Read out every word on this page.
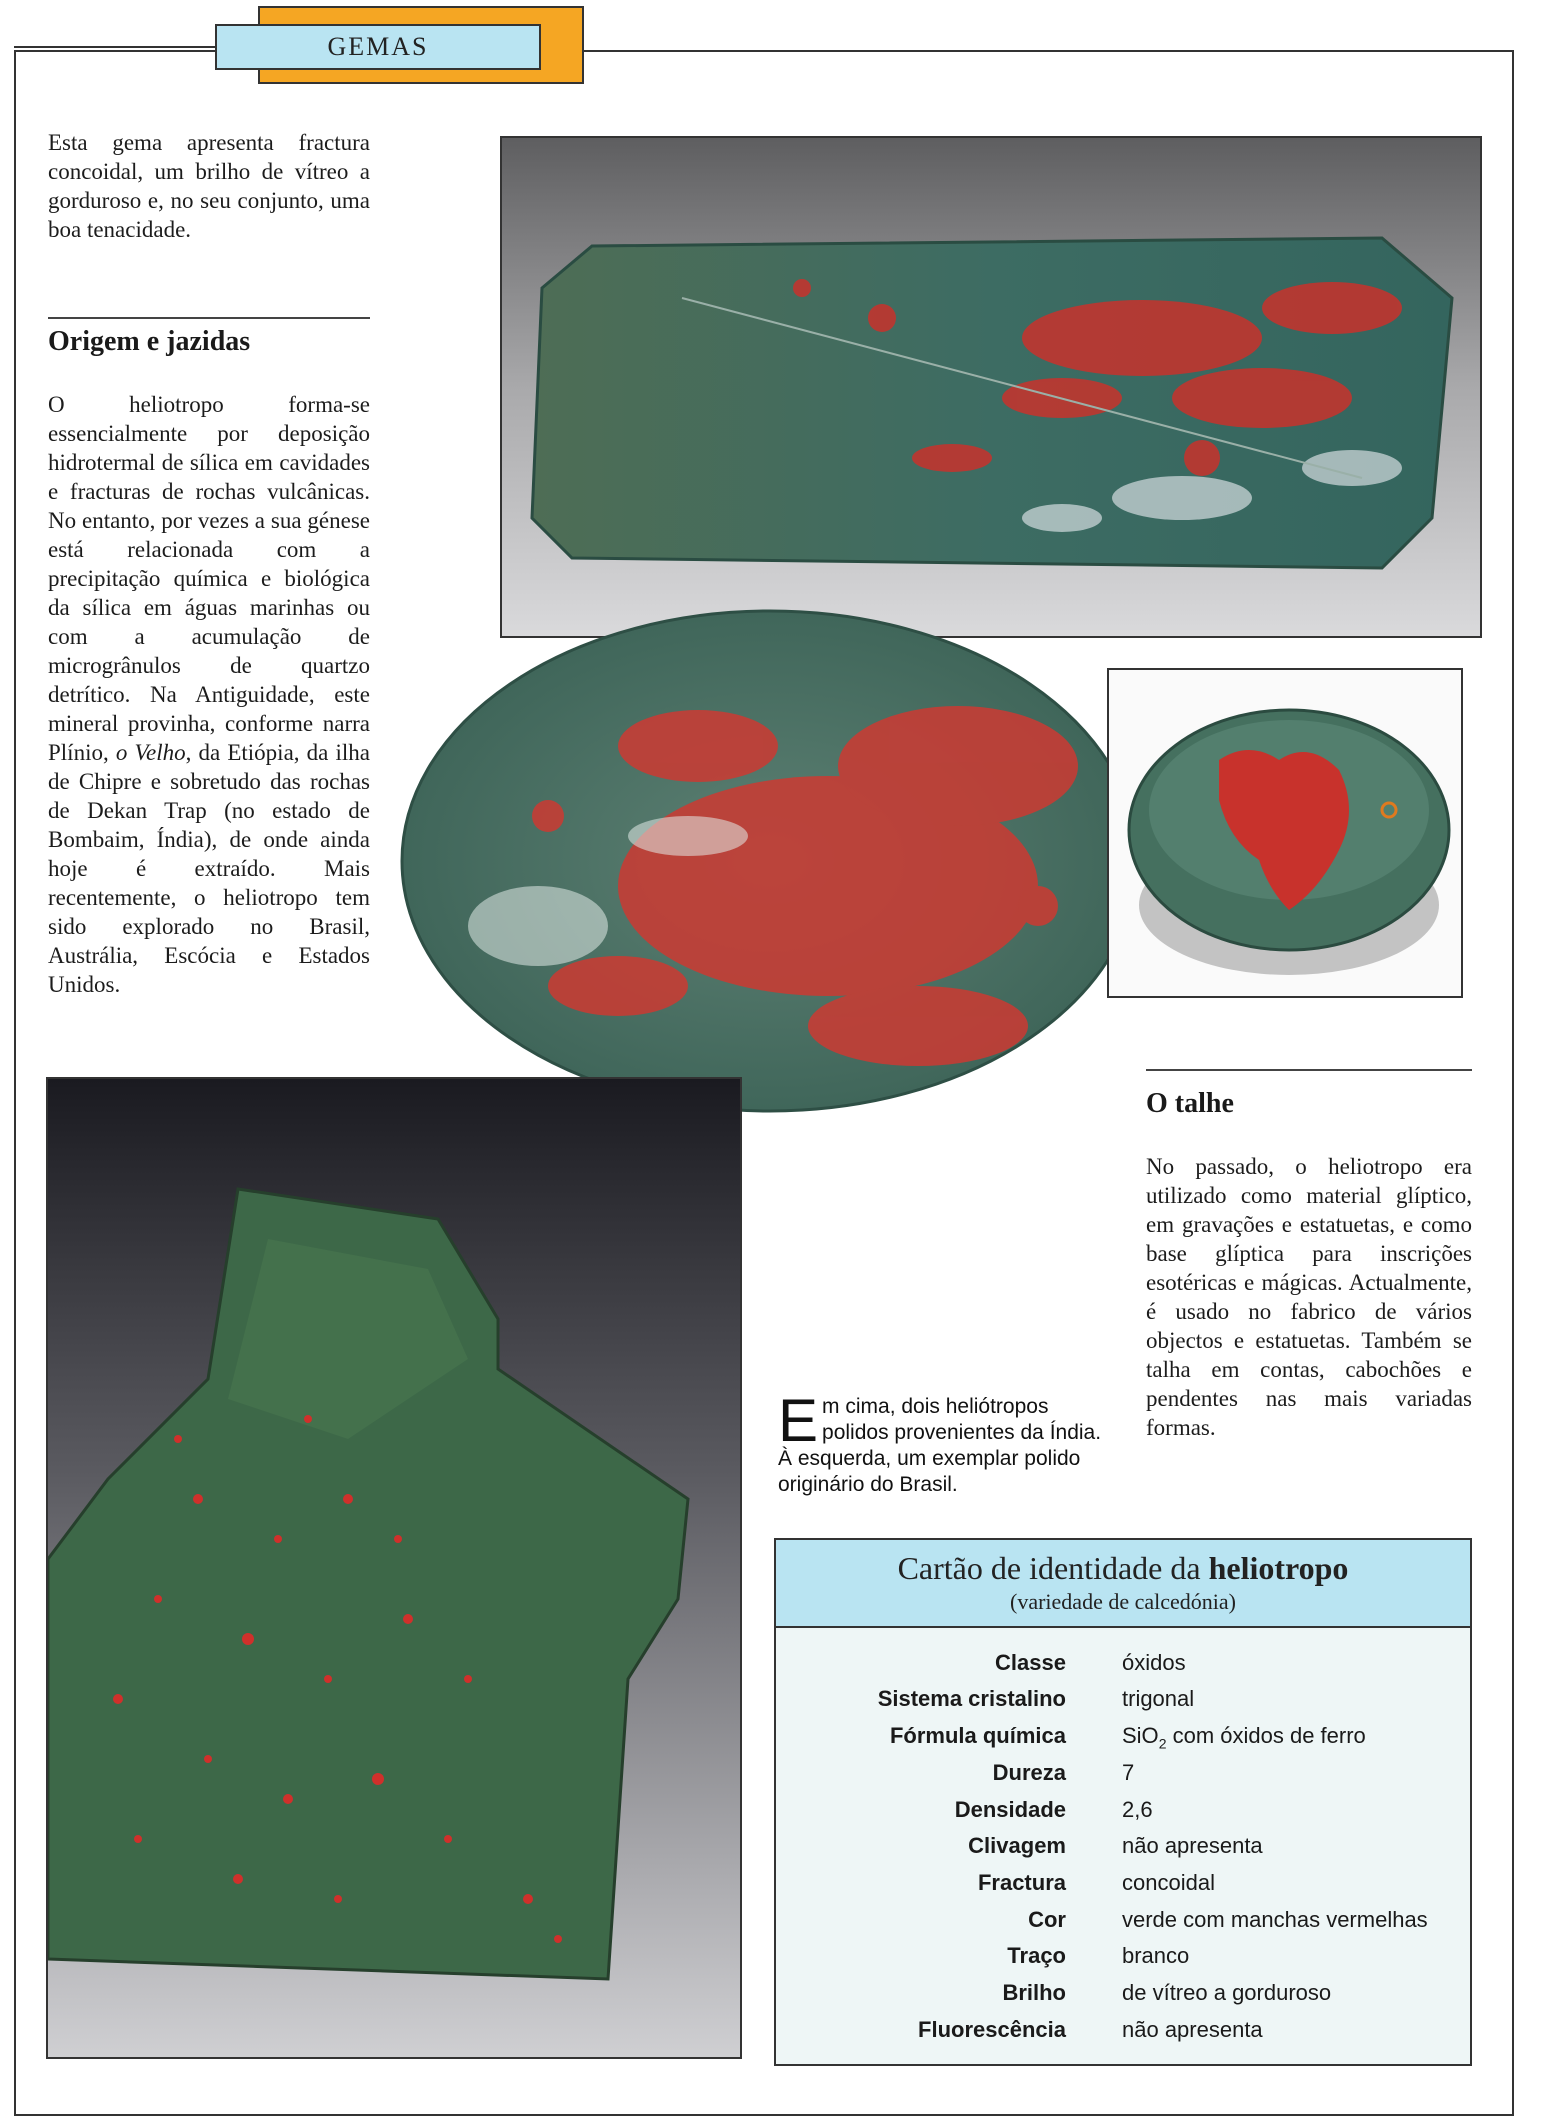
GEMAS
Esta gema apresenta fractura concoidal, um brilho de vítreo a gorduroso e, no seu conjunto, uma boa tenacidade.
Origem e jazidas
O heliotropo forma-se essencialmente por deposição hidrotermal de sílica em cavidades e fracturas de rochas vulcânicas. No entanto, por vezes a sua génese está relacionada com a precipitação química e biológica da sílica em águas marinhas ou com a acumulação de microgrânulos de quartzo detrítico. Na Antiguidade, este mineral provinha, conforme narra Plínio, o Velho, da Etiópia, da ilha de Chipre e sobretudo das rochas de Dekan Trap (no estado de Bombaim, Índia), de onde ainda hoje é extraído. Mais recentemente, o heliotropo tem sido explorado no Brasil, Austrália, Escócia e Estados Unidos.
Em cima, dois heliótropos polidos provenientes da Índia. À esquerda, um exemplar polido originário do Brasil.
O talhe
No passado, o heliotropo era utilizado como material glíptico, em gravações e estatuetas, e como base glíptica para inscrições esotéricas e mágicas. Actualmente, é usado no fabrico de vários objectos e estatuetas. Também se talha em contas, cabochões e pendentes nas mais variadas formas.
Cartão de identidade da heliotropo
(variedade de calcedónia)
Classe	óxidos
Sistema cristalino	trigonal
Fórmula química	SiO$_2$ com óxidos de ferro
Dureza	7
Densidade	2,6
Clivagem	não apresenta
Fractura	concoidal
Cor	verde com manchas vermelhas
Traço	branco
Brilho	de vítreo a gorduroso
Fluorescência	não apresenta
